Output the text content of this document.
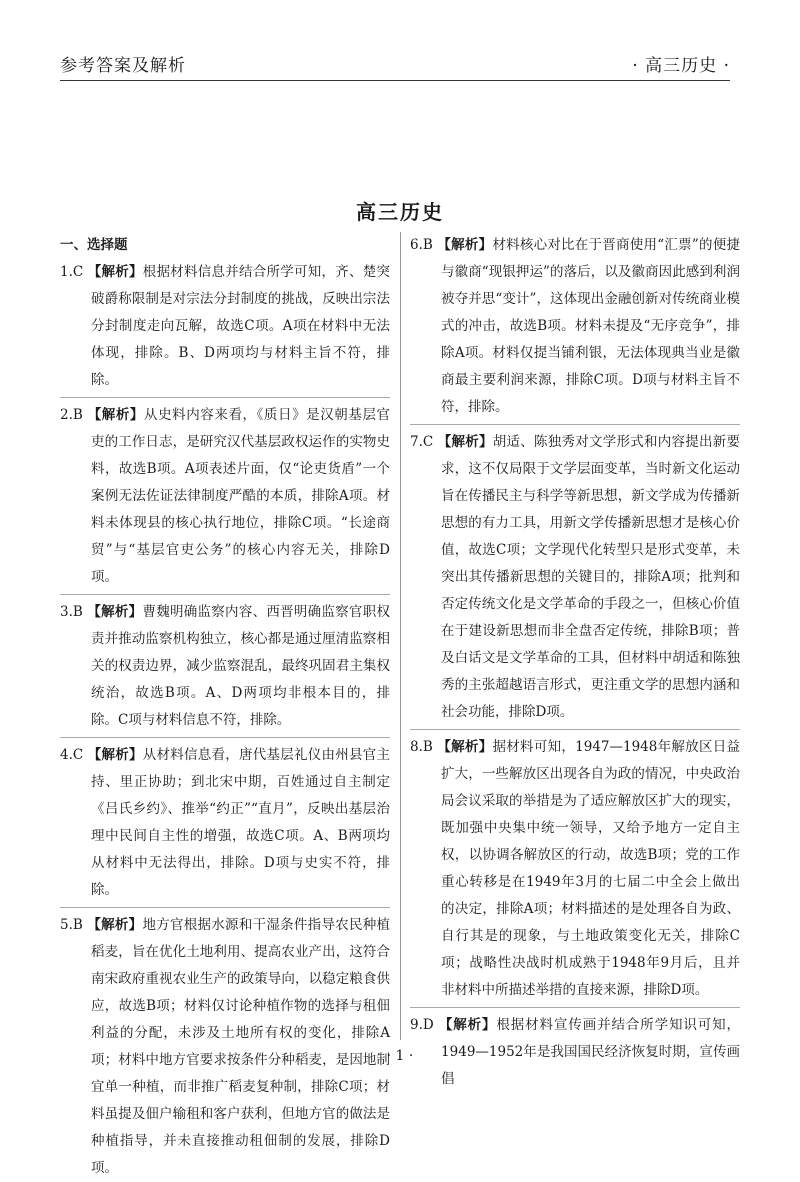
参考答案及解析	· 高三历史 ·
高三历史

一、选择题

1.C 【解析】根据材料信息并结合所学可知，齐、楚突破爵称限制是对宗法分封制度的挑战，反映出宗法分封制度走向瓦解，故选C项。A项在材料中无法体现，排除。B、D两项均与材料主旨不符，排除。

2.B 【解析】从史料内容来看，《质日》是汉朝基层官吏的工作日志，是研究汉代基层政权运作的实物史料，故选B项。A项表述片面，仅“论吏货盾”一个案例无法佐证法律制度严酷的本质，排除A项。材料未体现县的核心执行地位，排除C项。“长途商贸”与“基层官吏公务”的核心内容无关，排除D项。

3.B 【解析】曹魏明确监察内容、西晋明确监察官职权责并推动监察机构独立，核心都是通过厘清监察相关的权责边界，减少监察混乱，最终巩固君主集权统治，故选B项。A、D两项均非根本目的，排除。C项与材料信息不符，排除。

4.C 【解析】从材料信息看，唐代基层礼仪由州县官主持、里正协助；到北宋中期，百姓通过自主制定《吕氏乡约》、推举“约正”“直月”，反映出基层治理中民间自主性的增强，故选C项。A、B两项均从材料中无法得出，排除。D项与史实不符，排除。

5.B 【解析】地方官根据水源和干湿条件指导农民种植稻麦，旨在优化土地利用、提高农业产出，这符合南宋政府重视农业生产的政策导向，以稳定粮食供应，故选B项；材料仅讨论种植作物的选择与租佃利益的分配，未涉及土地所有权的变化，排除A项；材料中地方官要求按条件分种稻麦，是因地制宜单一种植，而非推广稻麦复种制，排除C项；材料虽提及佃户输租和客户获利，但地方官的做法是种植指导，并未直接推动租佃制的发展，排除D项。

6.B 【解析】材料核心对比在于晋商使用“汇票”的便捷与徽商“现银押运”的落后，以及徽商因此感到利润被夺并思“变计”，这体现出金融创新对传统商业模式的冲击，故选B项。材料未提及“无序竞争”，排除A项。材料仅提当铺利银，无法体现典当业是徽商最主要利润来源，排除C项。D项与材料主旨不符，排除。

7.C 【解析】胡适、陈独秀对文学形式和内容提出新要求，这不仅局限于文学层面变革，当时新文化运动旨在传播民主与科学等新思想，新文学成为传播新思想的有力工具，用新文学传播新思想才是核心价值，故选C项；文学现代化转型只是形式变革，未突出其传播新思想的关键目的，排除A项；批判和否定传统文化是文学革命的手段之一，但核心价值在于建设新思想而非全盘否定传统，排除B项；普及白话文是文学革命的工具，但材料中胡适和陈独秀的主张超越语言形式，更注重文学的思想内涵和社会功能，排除D项。

8.B 【解析】据材料可知，1947—1948年解放区日益扩大，一些解放区出现各自为政的情况，中央政治局会议采取的举措是为了适应解放区扩大的现实，既加强中央集中统一领导，又给予地方一定自主权，以协调各解放区的行动，故选B项；党的工作重心转移是在1949年3月的七届二中全会上做出的决定，排除A项；材料描述的是处理各自为政、自行其是的现象，与土地政策变化无关，排除C项；战略性决战时机成熟于1948年9月后，且并非材料中所描述举措的直接来源，排除D项。

9.D 【解析】根据材料宣传画并结合所学知识可知，1949—1952年是我国国民经济恢复时期，宣传画倡

· 1 ·
